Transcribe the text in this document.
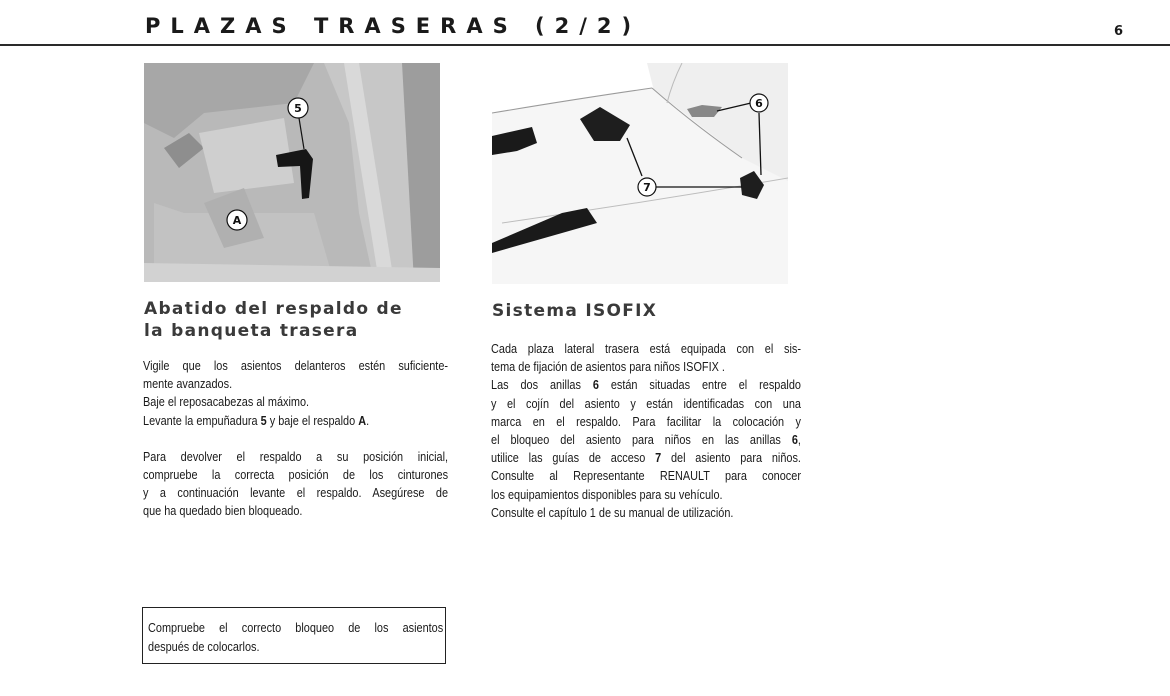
PLAZAS TRASERAS (2/2)	6
5
A
6
7
Abatido del respaldo de
la banqueta trasera

Vigile que los asientos delanteros estén suficiente-

mente avanzados.

Baje el reposacabezas al máximo.

Levante la empuñadura 5 y baje el respaldo A.

Para devolver el respaldo a su posición inicial,

compruebe la correcta posición de los cinturones

y a continuación levante el respaldo. Asegúrese de

que ha quedado bien bloqueado.

Compruebe el correcto bloqueo de los asientos

después de colocarlos.

Sistema ISOFIX

Cada plaza lateral trasera está equipada con el sis-

tema de fijación de asientos para niños ISOFIX .

Las dos anillas 6 están situadas entre el respaldo

y el cojín del asiento y están identificadas con una

marca en el respaldo. Para facilitar la colocación y

el bloqueo del asiento para niños en las anillas 6,

utilice las guías de acceso 7 del asiento para niños.

Consulte al Representante RENAULT para conocer

los equipamientos disponibles para su vehículo.

Consulte el capítulo 1 de su manual de utilización.
